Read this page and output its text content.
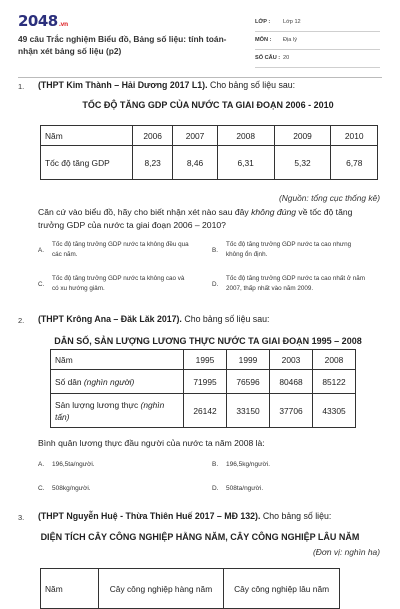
2048.vn
49 câu Trắc nghiệm Biểu đồ, Bảng số liệu: tính toán- nhận xét bảng số liệu (p2)
LỚP : Lớp 12
MÔN : Địa lý
SỐ CÂU : 20
1. (THPT Kim Thành – Hải Dương 2017 L1). Cho bảng số liệu sau:
TỐC ĐỘ TĂNG GDP CỦA NƯỚC TA GIAI ĐOẠN 2006 - 2010
Năm	2006	2007	2008	2009	2010
Tốc độ tăng GDP	8,23	8,46	6,31	5,32	6,78
(Nguồn: tổng cục thống kê)
Căn cứ vào biểu đồ, hãy cho biết nhận xét nào sau đây không đúng về tốc độ tăng trưởng GDP của nước ta giai đoạn 2006 – 2010?
A.
Tốc độ tăng trưởng GDP nước ta không đều qua các năm.
B.
Tốc độ tăng trưởng GDP nước ta cao nhưng không ổn định.
C.
Tốc độ tăng trưởng GDP nước ta không cao và có xu hướng giảm.
D.
Tốc độ tăng trưởng GDP nước ta cao nhất ở năm 2007, thấp nhất vào năm 2009.
2. (THPT Krông Ana – Đăk Lăk 2017). Cho bảng số liệu sau:
DÂN SỐ, SẢN LƯỢNG LƯƠNG THỰC NƯỚC TA GIAI ĐOẠN 1995 – 2008
Năm	1995	1999	2003	2008
Số dân (nghìn người)	71995	76596	80468	85122
Sản lượng lương thực (nghìn tấn)	26142	33150	37706	43305
Bình quân lương thực đầu người của nước ta năm 2008 là:
A. 196,5ta/người.	B. 196,5kg/người.
C. 508kg/người.	D. 508ta/người.
3. (THPT Nguyễn Huệ - Thừa Thiên Huế 2017 – MĐ 132). Cho bảng số liệu:
DIỆN TÍCH CÂY CÔNG NGHIỆP HẰNG NĂM, CÂY CÔNG NGHIỆP LÂU NĂM
(Đơn vị: nghìn ha)
Năm	Cây công nghiệp hàng năm	Cây công nghiệp lâu năm
